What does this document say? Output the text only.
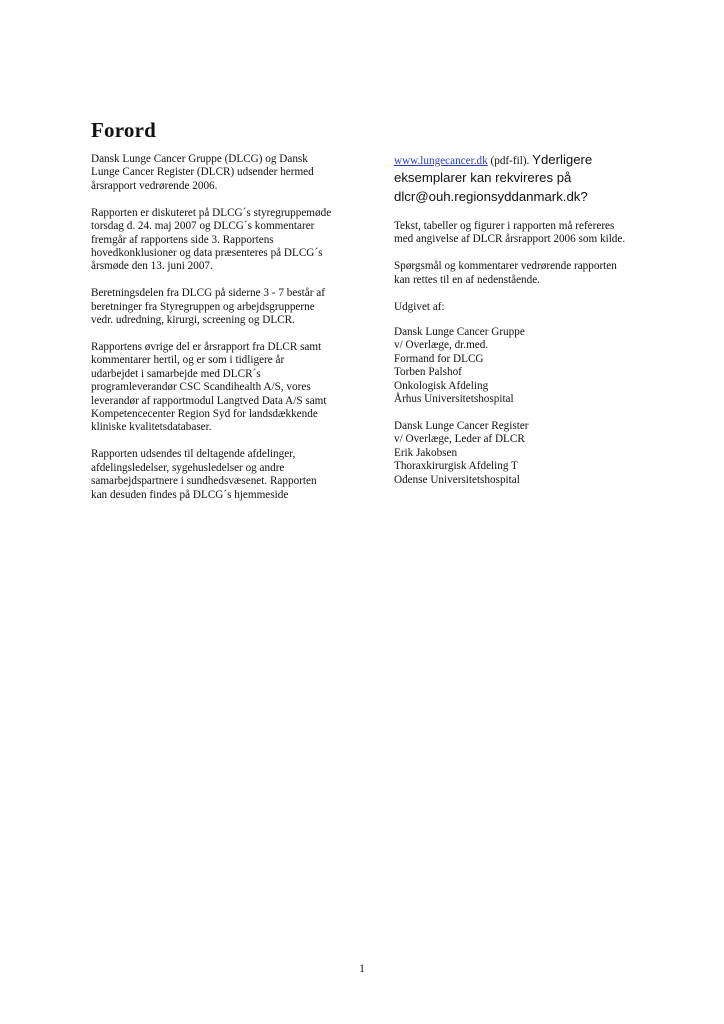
Forord

Dansk Lunge Cancer Gruppe (DLCG) og Dansk
Lunge Cancer Register (DLCR) udsender hermed
årsrapport vedrørende 2006.

Rapporten er diskuteret på DLCG´s styregruppemøde
torsdag d. 24. maj 2007 og DLCG´s kommentarer
fremgår af rapportens side 3. Rapportens
hovedkonklusioner og data præsenteres på DLCG´s
årsmøde den 13. juni 2007.

Beretningsdelen fra DLCG på siderne 3 - 7 består af
beretninger fra Styregruppen og arbejdsgrupperne
vedr. udredning, kirurgi, screening og DLCR.

Rapportens øvrige del er årsrapport fra DLCR samt
kommentarer hertil, og er som i tidligere år
udarbejdet i samarbejde med DLCR´s
programleverandør CSC Scandihealth A/S, vores
leverandør af rapportmodul Langtved Data A/S samt
Kompetencecenter Region Syd for landsdækkende
kliniske kvalitetsdatabaser.

Rapporten udsendes til deltagende afdelinger,
afdelingsledelser, sygehusledelser og andre
samarbejdspartnere i sundhedsvæsenet. Rapporten
kan desuden findes på DLCG´s hjemmeside

www.lungecancer.dk (pdf-fil). Yderligere

eksemplarer kan rekvireres på

dlcr@ouh.regionsyddanmark.dk?

Tekst, tabeller og figurer i rapporten må refereres
med angivelse af DLCR årsrapport 2006 som kilde.

Spørgsmål og kommentarer vedrørende rapporten
kan rettes til en af nedenstående.

Udgivet af:

Dansk Lunge Cancer Gruppe
v/ Overlæge, dr.med.
Formand for DLCG
Torben Palshof
Onkologisk Afdeling
Århus Universitetshospital

Dansk Lunge Cancer Register
v/ Overlæge, Leder af DLCR
Erik Jakobsen
Thoraxkirurgisk Afdeling T
Odense Universitetshospital

1
